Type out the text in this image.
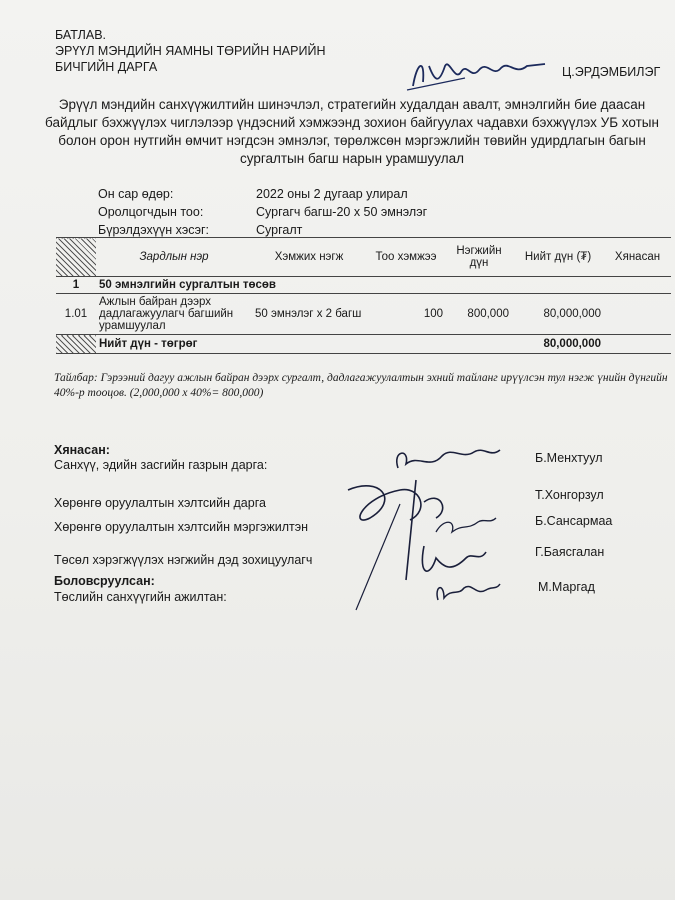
БАТЛАВ.
ЭРҮҮЛ МЭНДИЙН ЯАМНЫ ТӨРИЙН НАРИЙН
БИЧГИЙН ДАРГА	Ц.ЭРДЭМБИЛЭГ
Эрүүл мэндийн санхүүжилтийн шинэчлэл, стратегийн худалдан авалт, эмнэлгийн бие даасан байдлыг бэхжүүлэх чиглэлээр үндэсний хэмжээнд зохион байгуулах чадавхи бэхжүүлэх УБ хотын болон орон нутгийн өмчит нэгдсэн эмнэлэг, төрөлжсөн мэргэжлийн төвийн удирдлагын багын сургалтын багш нарын урамшуулал
Он сар өдөр:	2022 оны 2 дугаар улирал
Оролцогчдын тоо:	Сургагч багш-20 x 50 эмнэлэг
Бүрэлдэхүүн хэсэг:	Сургалт
	Зардлын нэр	Хэмжих нэгж	Тоо хэмжээ	Нэгжийн дүн	Нийт дүн (₮)	Хянасан
1	50 эмнэлгийн сургалтын төсөв					
1.01	Ажлын байран дээрх дадлагажуулагч багшийн урамшуулал	50 эмнэлэг x 2 багш	100	800,000	80,000,000	
	Нийт дүн - төгрөг				80,000,000	
Тайлбар: Гэрээний дагуу ажлын байран дээрх сургалт, дадлагажуулалтын эхний тайланг ирүүлсэн тул нэгж үнийн дүнгийн 40%-р тооцов. (2,000,000 x 40%= 800,000)
Хянасан:
Санхүү, эдийн засгийн газрын дарга:	Б.Менхтуул
Хөрөнгө оруулалтын хэлтсийн дарга
Т.Хонгорзул
Хөрөнгө оруулалтын хэлтсийн мэргэжилтэн	Б.Сансармаа
Төсөл хэрэгжүүлэх нэгжийн дэд зохицуулагч
Г.Баясгалан
Боловсруулсан:
Төслийн санхүүгийн ажилтан:
М.Маргад
